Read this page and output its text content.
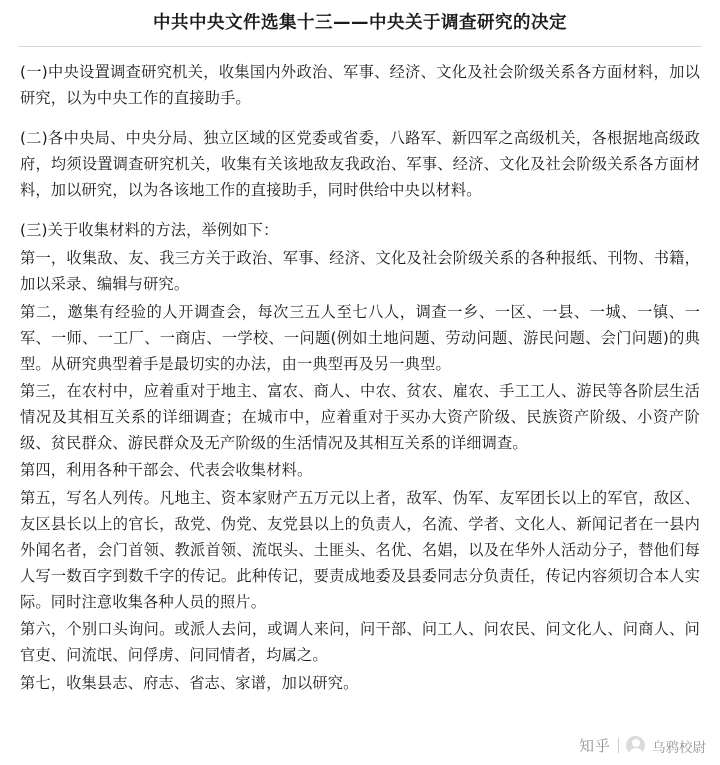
中共中央文件选集十三——中央关于调查研究的决定

(一)中央设置调查研究机关，收集国内外政治、军事、经济、文化及社会阶级关系各方面材料，加以研究，以为中央工作的直接助手。

(二)各中央局、中央分局、独立区域的区党委或省委，八路军、新四军之高级机关，各根据地高级政府，均须设置调查研究机关，收集有关该地敌友我政治、军事、经济、文化及社会阶级关系各方面材料，加以研究，以为各该地工作的直接助手，同时供给中央以材料。

(三)关于收集材料的方法，举例如下：

第一，收集敌、友、我三方关于政治、军事、经济、文化及社会阶级关系的各种报纸、刊物、书籍，加以采录、编辑与研究。

第二，邀集有经验的人开调查会，每次三五人至七八人，调查一乡、一区、一县、一城、一镇、一军、一师、一工厂、一商店、一学校、一问题(例如土地问题、劳动问题、游民问题、会门问题)的典型。从研究典型着手是最切实的办法，由一典型再及另一典型。

第三，在农村中，应着重对于地主、富农、商人、中农、贫农、雇农、手工工人、游民等各阶层生活情况及其相互关系的详细调查；在城市中，应着重对于买办大资产阶级、民族资产阶级、小资产阶级、贫民群众、游民群众及无产阶级的生活情况及其相互关系的详细调查。

第四，利用各种干部会、代表会收集材料。

第五，写名人列传。凡地主、资本家财产五万元以上者，敌军、伪军、友军团长以上的军官，敌区、友区县长以上的官长，敌党、伪党、友党县以上的负责人，名流、学者、文化人、新闻记者在一县内外闻名者，会门首领、教派首领、流氓头、土匪头、名优、名娼，以及在华外人活动分子，替他们每人写一数百字到数千字的传记。此种传记，要责成地委及县委同志分负责任，传记内容须切合本人实际。同时注意收集各种人员的照片。

第六，个别口头询问。或派人去问，或调人来问，问干部、问工人、问农民、问文化人、问商人、问官吏、问流氓、问俘虏、问同情者，均属之。

第七，收集县志、府志、省志、家谱，加以研究。

知乎	乌鸦校尉
